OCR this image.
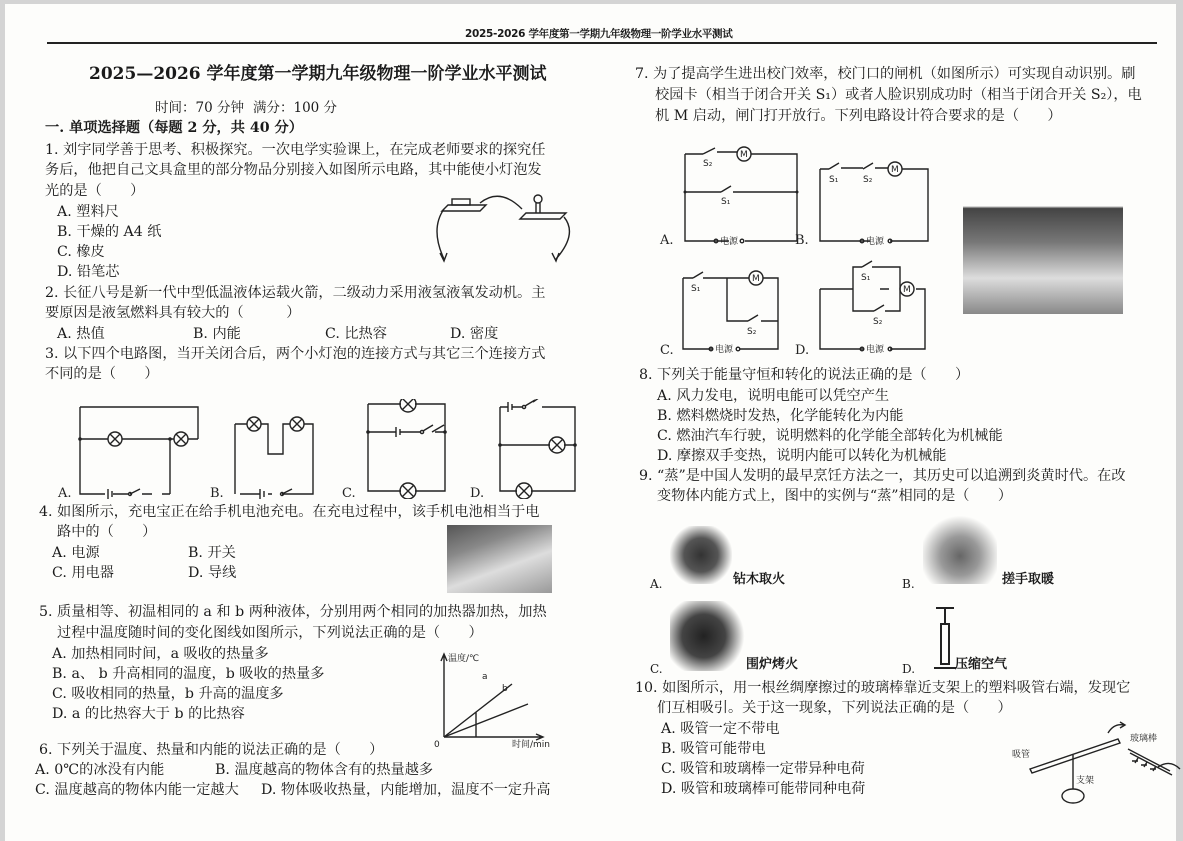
2025-2026 学年度第一学期九年级物理一阶学业水平测试
2025—2026 学年度第一学期九年级物理一阶学业水平测试
时间：70 分钟 满分：100 分
一. 单项选择题（每题 2 分，共 40 分）
1. 刘宇同学善于思考、积极探究。一次电学实验课上，在完成老师要求的探究任
务后，他把自己文具盒里的部分物品分别接入如图所示电路，其中能使小灯泡发
光的是（　　）
A. 塑料尺
B. 干燥的 A4 纸
C. 橡皮
D. 铅笔芯
2. 长征八号是新一代中型低温液体运载火箭，二级动力采用液氢液氧发动机。主
要原因是液氢燃料具有较大的（　　　）
A. 热值	B. 内能	C. 比热容	D. 密度
3. 以下四个电路图，当开关闭合后，两个小灯泡的连接方式与其它三个连接方式
不同的是（　　）
A.	B.	C.	D.
4. 如图所示，充电宝正在给手机电池充电。在充电过程中，该手机电池相当于电
路中的（　　）
A. 电源	B. 开关
C. 用电器	D. 导线
5. 质量相等、初温相同的 a 和 b 两种液体，分别用两个相同的加热器加热，加热
过程中温度随时间的变化图线如图所示，下列说法正确的是（　　）
A. 加热相同时间，a 吸收的热量多
B. a、 b 升高相同的温度，b 吸收的热量多
C. 吸收相同的热量，b 升高的温度多
D. a 的比热容大于 b 的比热容
温度/℃
a
b
0	时间/min
6. 下列关于温度、热量和内能的说法正确的是（　　）
A. 0℃的冰没有内能	B. 温度越高的物体含有的热量越多
C. 温度越高的物体内能一定越大 D. 物体吸收热量，内能增加，温度不一定升高
7. 为了提高学生进出校门效率，校门口的闸机（如图所示）可实现自动识别。刷
校园卡（相当于闭合开关 S₁）或者人脸识别成功时（相当于闭合开关 S₂），电
机 M 启动，闸门打开放行。下列电路设计符合要求的是（　　）
M
S₂
S₁
电源
A.
M
S₁	S₂
电源
B.
M
S₁
S₂
电源
C.
M
S₁
S₂
电源
D.
8. 下列关于能量守恒和转化的说法正确的是（　　）
A. 风力发电，说明电能可以凭空产生
B. 燃料燃烧时发热，化学能转化为内能
C. 燃油汽车行驶，说明燃料的化学能全部转化为机械能
D. 摩擦双手变热，说明内能可以转化为机械能
9. “蒸”是中国人发明的最早烹饪方法之一，其历史可以追溯到炎黄时代。在改
变物体内能方式上，图中的实例与“蒸”相同的是（　　）
A.	钻木取火	B.	搓手取暖
C.	围炉烤火	D.	压缩空气
10. 如图所示，用一根丝绸摩擦过的玻璃棒靠近支架上的塑料吸管右端，发现它
们互相吸引。关于这一现象，下列说法正确的是（　　）
A. 吸管一定不带电
B. 吸管可能带电
C. 吸管和玻璃棒一定带异种电荷
D. 吸管和玻璃棒可能带同种电荷
吸管
玻璃棒
支架
